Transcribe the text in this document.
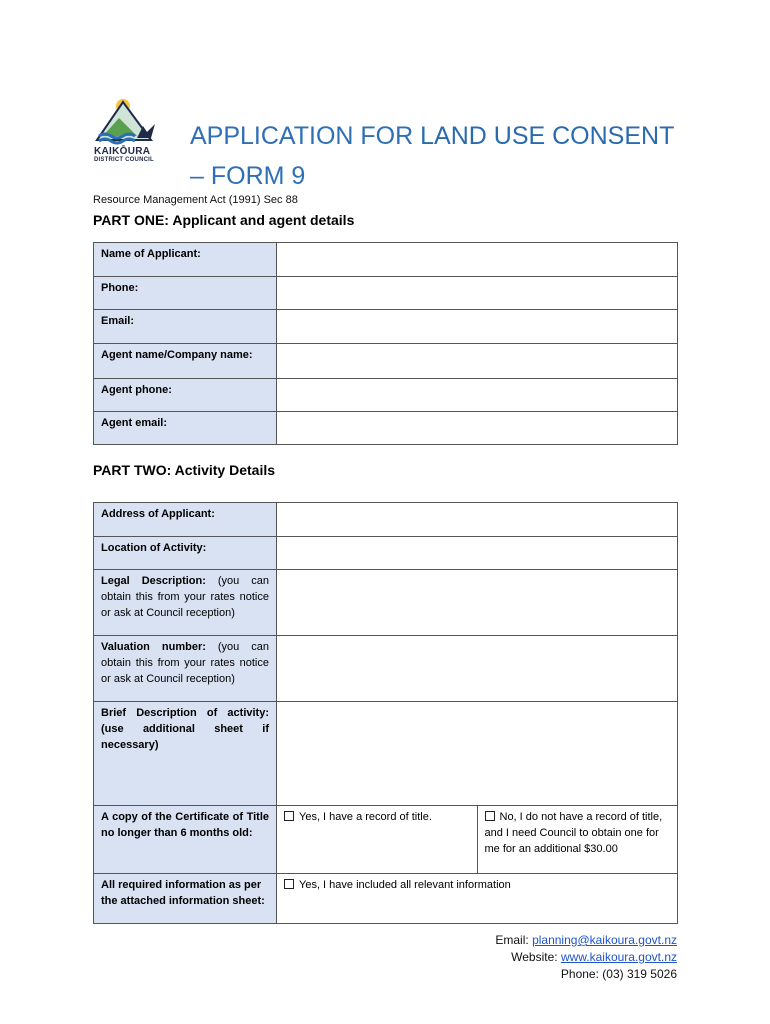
KAIKŌURA
DISTRICT COUNCIL
APPLICATION FOR LAND USE CONSENT
– FORM 9
Resource Management Act (1991) Sec 88
PART ONE: Applicant and agent details
Name of Applicant:	
Phone:	
Email:	
Agent name/Company name:	
Agent phone:	
Agent email:	
PART TWO: Activity Details
Address of Applicant:		
Location of Activity:		
Legal Description: (you can obtain this from your rates notice or ask at Council reception)		
Valuation number: (you can obtain this from your rates notice or ask at Council reception)		
Brief Description of activity: (use additional sheet if necessary)		
A copy of the Certificate of Title no longer than 6 months old:	Yes, I have a record of title.	No, I do not have a record of title, and I need Council to obtain one for me for an additional $30.00
All required information as per the attached information sheet:	Yes, I have included all relevant information	
Email: planning@kaikoura.govt.nz
Website: www.kaikoura.govt.nz
Phone: (03) 319 5026
